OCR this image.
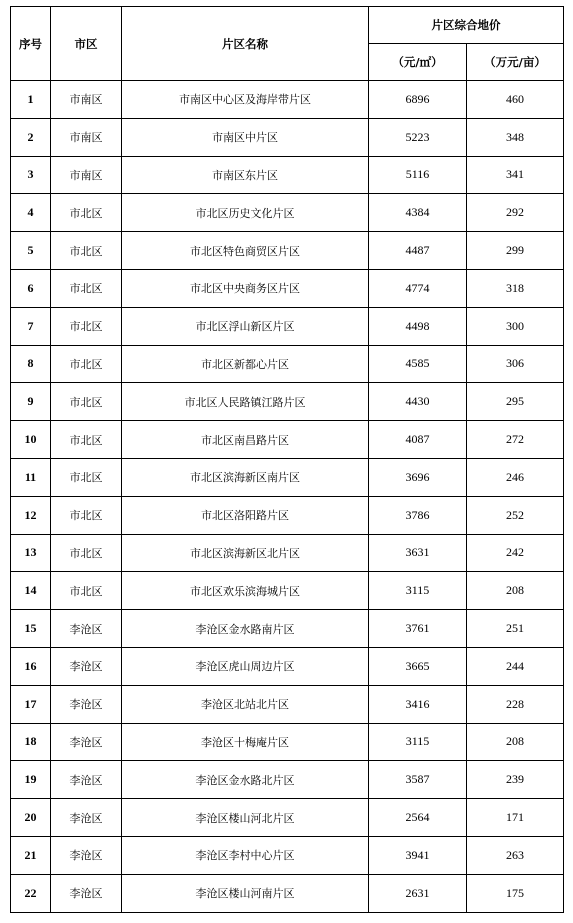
序号	市区	片区名称	片区综合地价	
			（元/㎡）	（万元/亩）
1	市南区	市南区中心区及海岸带片区	6896	460
2	市南区	市南区中片区	5223	348
3	市南区	市南区东片区	5116	341
4	市北区	市北区历史文化片区	4384	292
5	市北区	市北区特色商贸区片区	4487	299
6	市北区	市北区中央商务区片区	4774	318
7	市北区	市北区浮山新区片区	4498	300
8	市北区	市北区新都心片区	4585	306
9	市北区	市北区人民路镇江路片区	4430	295
10	市北区	市北区南昌路片区	4087	272
11	市北区	市北区滨海新区南片区	3696	246
12	市北区	市北区洛阳路片区	3786	252
13	市北区	市北区滨海新区北片区	3631	242
14	市北区	市北区欢乐滨海城片区	3115	208
15	李沧区	李沧区金水路南片区	3761	251
16	李沧区	李沧区虎山周边片区	3665	244
17	李沧区	李沧区北站北片区	3416	228
18	李沧区	李沧区十梅庵片区	3115	208
19	李沧区	李沧区金水路北片区	3587	239
20	李沧区	李沧区楼山河北片区	2564	171
21	李沧区	李沧区李村中心片区	3941	263
22	李沧区	李沧区楼山河南片区	2631	175
